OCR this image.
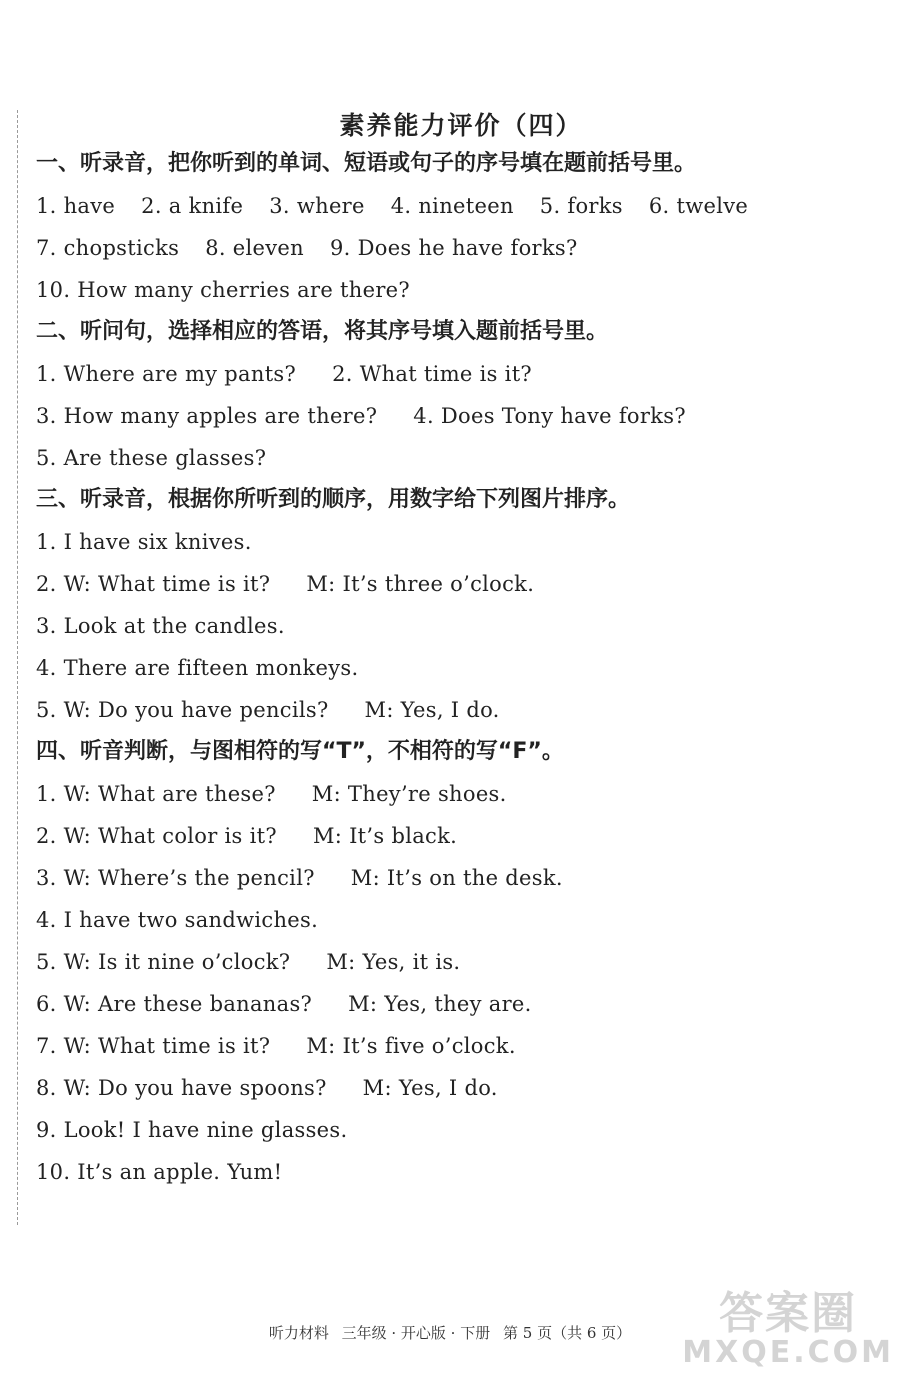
素养能力评价（四）
一、听录音，把你听到的单词、短语或句子的序号填在题前括号里。
1. have 2. a knife 3. where 4. nineteen 5. forks 6. twelve
7. chopsticks 8. eleven 9. Does he have forks?
10. How many cherries are there?
二、听问句，选择相应的答语，将其序号填入题前括号里。
1. Where are my pants? 2. What time is it?
3. How many apples are there? 4. Does Tony have forks?
5. Are these glasses?
三、听录音，根据你所听到的顺序，用数字给下列图片排序。
1. I have six knives.
2. W: What time is it? M: It’s three o’clock.
3. Look at the candles.
4. There are fifteen monkeys.
5. W: Do you have pencils? M: Yes, I do.
四、听音判断，与图相符的写“T”，不相符的写“F”。
1. W: What are these? M: They’re shoes.
2. W: What color is it? M: It’s black.
3. W: Where’s the pencil? M: It’s on the desk.
4. I have two sandwiches.
5. W: Is it nine o’clock? M: Yes, it is.
6. W: Are these bananas? M: Yes, they are.
7. W: What time is it? M: It’s five o’clock.
8. W: Do you have spoons? M: Yes, I do.
9. Look! I have nine glasses.
10. It’s an apple. Yum!
听力材料 三年级 · 开心版 · 下册 第 5 页（共 6 页）	答案圈
MXQE.COM
